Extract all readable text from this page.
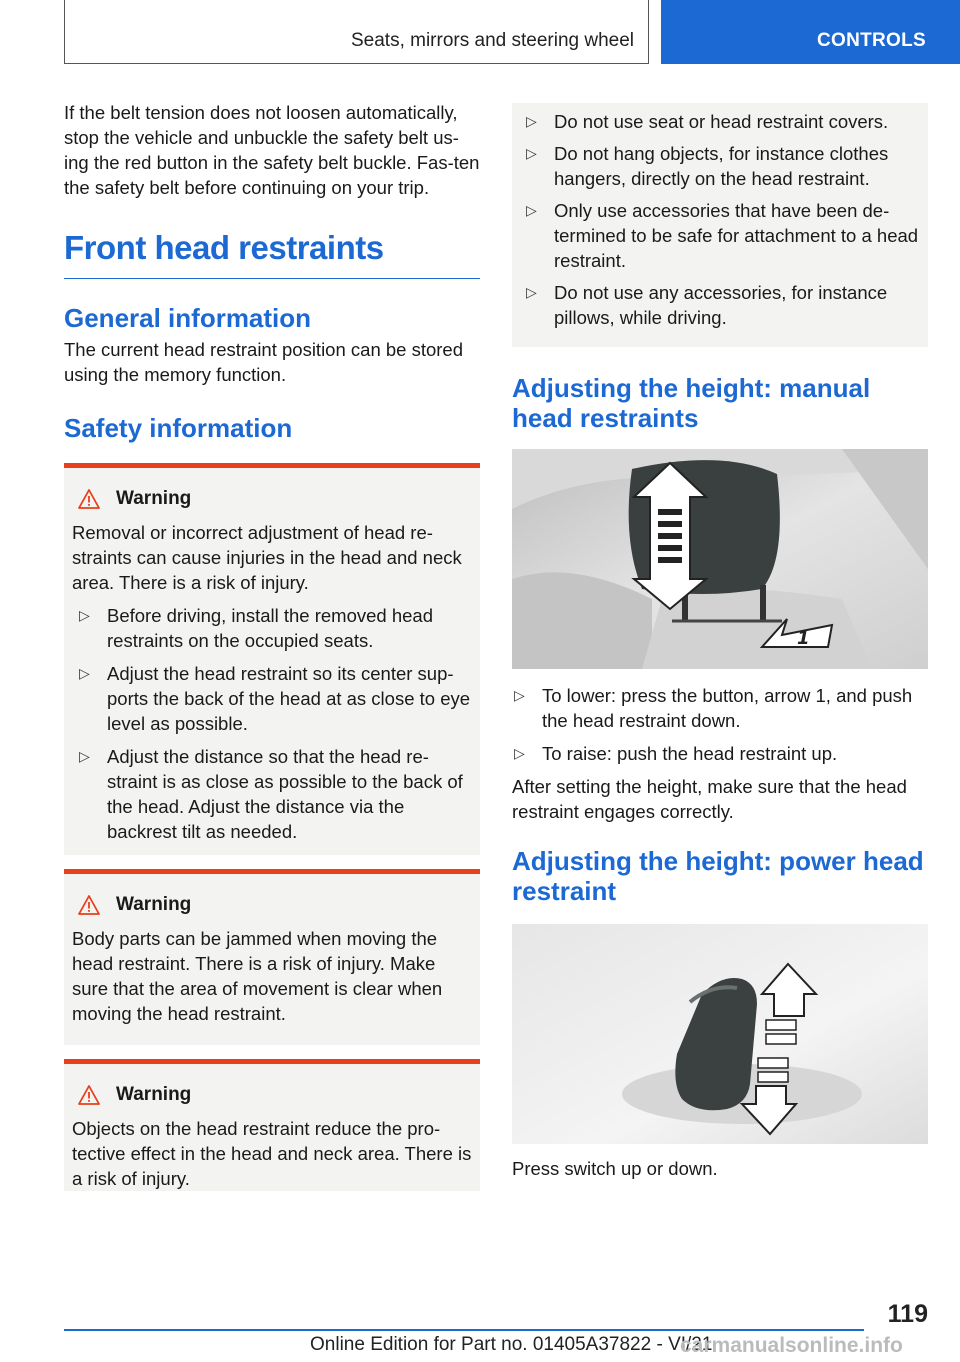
Seats, mirrors and steering wheel	CONTROLS

If the belt tension does not loosen automatically, stop the vehicle and unbuckle the safety belt us-ing the red button in the safety belt buckle. Fas-ten the safety belt before continuing on your trip.

Front head restraints
General information

The current head restraint position can be stored using the memory function.

Safety information
Warning

Removal or incorrect adjustment of head re-straints can cause injuries in the head and neck area. There is a risk of injury.

▷ Before driving, install the removed head restraints on the occupied seats.
▷ Adjust the head restraint so its center sup-ports the back of the head at as close to eye level as possible.
▷ Adjust the distance so that the head re-straint is as close as possible to the back of the head. Adjust the distance via the backrest tilt as needed.
Warning

Body parts can be jammed when moving the head restraint. There is a risk of injury. Make sure that the area of movement is clear when moving the head restraint.

Warning

Objects on the head restraint reduce the pro-tective effect in the head and neck area. There is a risk of injury.

▷ Do not use seat or head restraint covers.
▷ Do not hang objects, for instance clothes hangers, directly on the head restraint.
▷ Only use accessories that have been de-termined to be safe for attachment to a head restraint.
▷ Do not use any accessories, for instance pillows, while driving.
Adjusting the height: manual head restraints
1
▷ To lower: press the button, arrow 1, and push the head restraint down.
▷ To raise: push the head restraint up.

After setting the height, make sure that the head restraint engages correctly.

Adjusting the height: power head restraint

Press switch up or down.

119
Online Edition for Part no. 01405A37822 - VI/21
carmanualsonline.info
